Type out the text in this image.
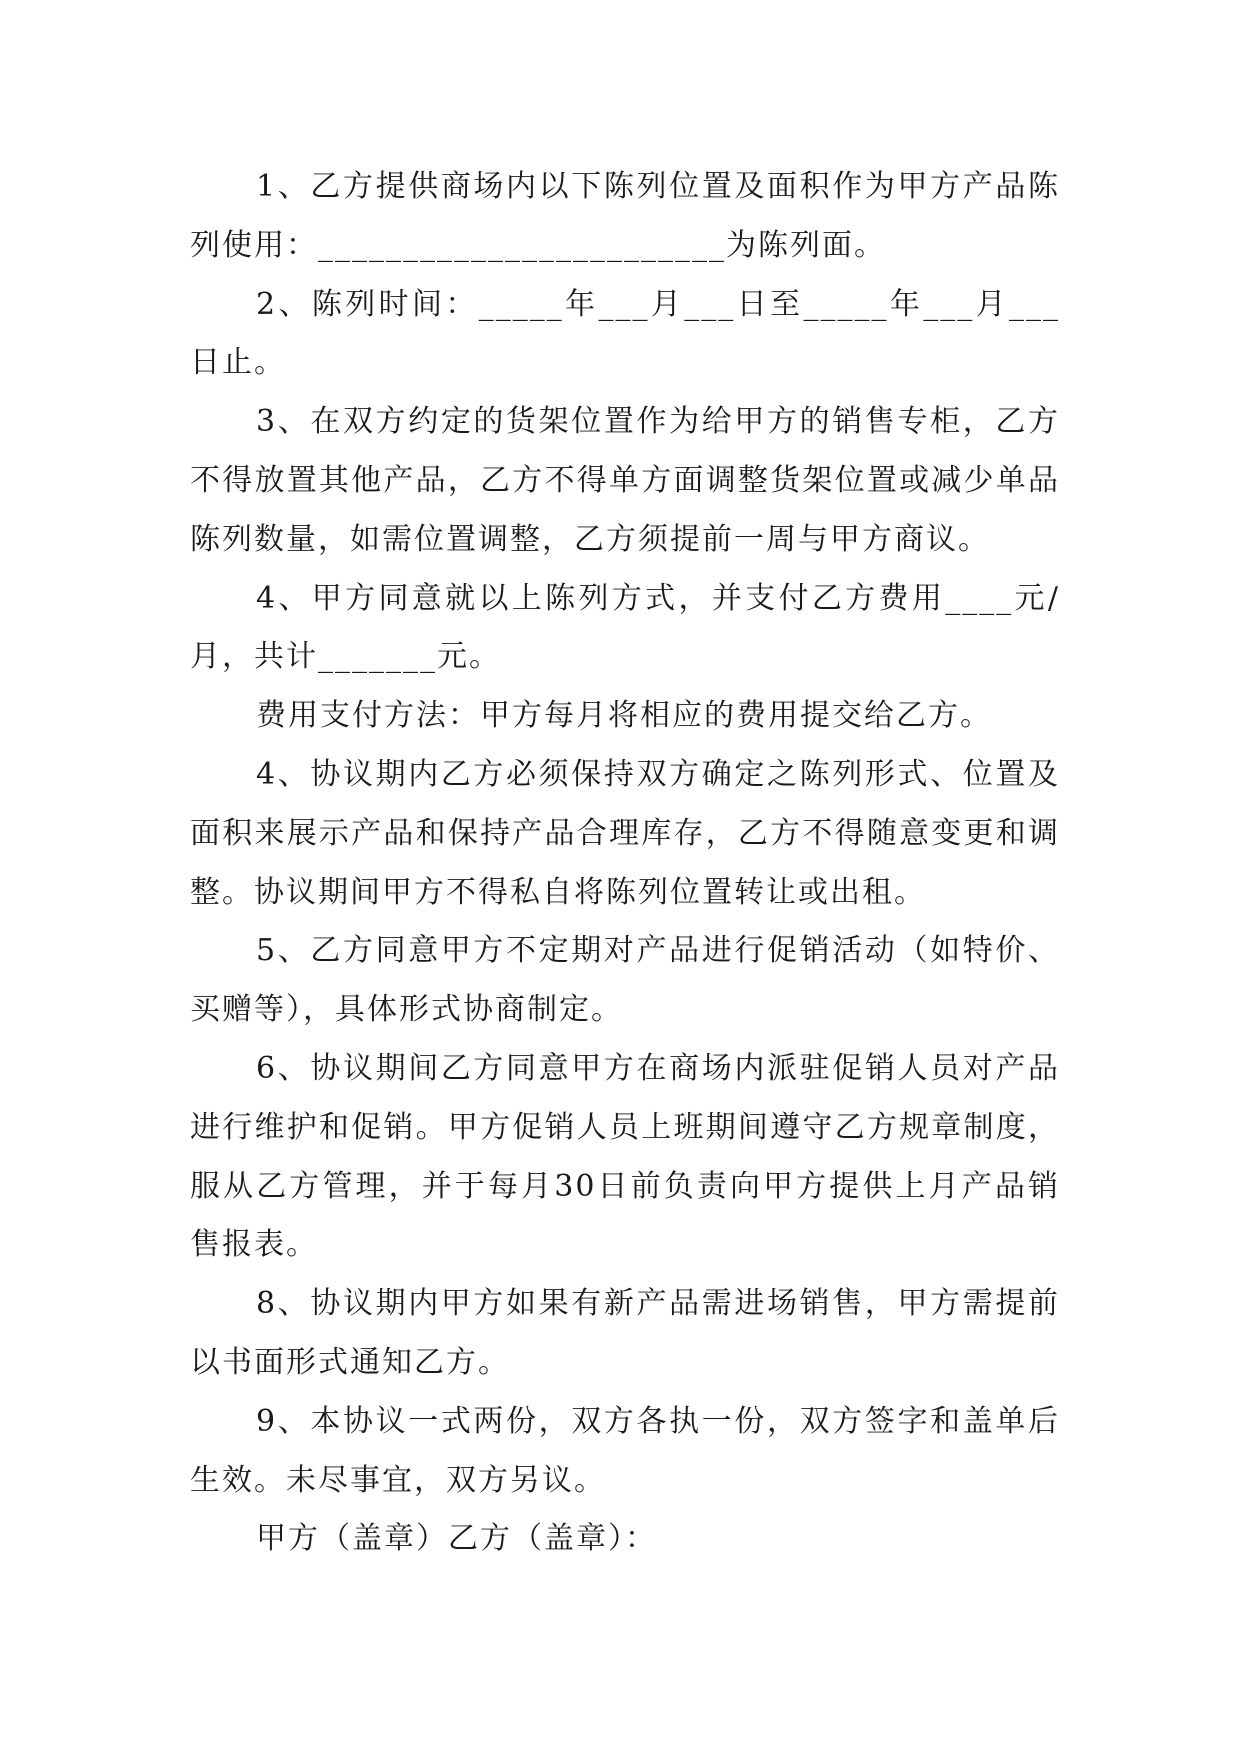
1、乙方提供商场内以下陈列位置及面积作为甲方产品陈列使用：________________________为陈列面。

2、陈列时间：_____年___月___日至_____年___月___日止。

3、在双方约定的货架位置作为给甲方的销售专柜，乙方不得放置其他产品，乙方不得单方面调整货架位置或减少单品陈列数量，如需位置调整，乙方须提前一周与甲方商议。

4、甲方同意就以上陈列方式，并支付乙方费用____元/月，共计_______元。

费用支付方法：甲方每月将相应的费用提交给乙方。

4、协议期内乙方必须保持双方确定之陈列形式、位置及面积来展示产品和保持产品合理库存，乙方不得随意变更和调整。协议期间甲方不得私自将陈列位置转让或出租。

5、乙方同意甲方不定期对产品进行促销活动（如特价、买赠等），具体形式协商制定。

6、协议期间乙方同意甲方在商场内派驻促销人员对产品进行维护和促销。甲方促销人员上班期间遵守乙方规章制度，服从乙方管理，并于每月30日前负责向甲方提供上月产品销售报表。

8、协议期内甲方如果有新产品需进场销售，甲方需提前以书面形式通知乙方。

9、本协议一式两份，双方各执一份，双方签字和盖单后生效。未尽事宜，双方另议。

甲方（盖章）乙方（盖章）：
